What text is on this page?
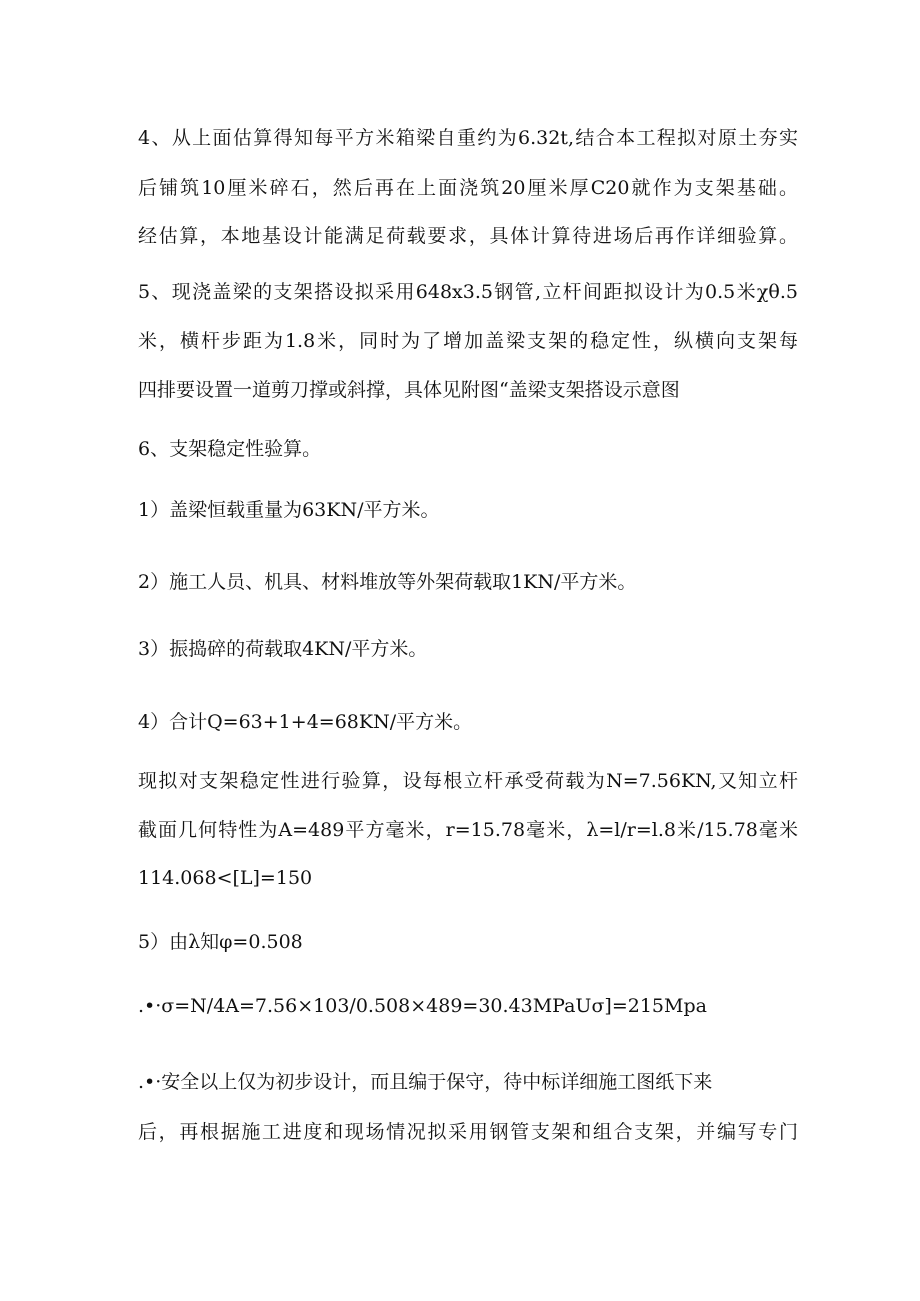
4、从上面估算得知每平方米箱梁自重约为6.32t,结合本工程拟对原土夯实
后铺筑10厘米碎石，然后再在上面浇筑20厘米厚C20就作为支架基础。
经估算，本地基设计能满足荷载要求，具体计算待进场后再作详细验算。
5、现浇盖梁的支架搭设拟采用648x3.5钢管,立杆间距拟设计为0.5米χθ.5
米，横杆步距为1.8米，同时为了增加盖梁支架的稳定性，纵横向支架每
四排要设置一道剪刀撑或斜撑，具体见附图“盖梁支架搭设示意图
6、支架稳定性验算。
1）盖梁恒载重量为63KN/平方米。
2）施工人员、机具、材料堆放等外架荷载取1KN/平方米。
3）振捣碎的荷载取4KN/平方米。
4）合计Q=63+1+4=68KN/平方米。
现拟对支架稳定性进行验算，设每根立杆承受荷载为N=7.56KN,又知立杆
截面几何特性为A=489平方毫米，r=15.78毫米，λ=l∕r=l.8米/15.78毫米
114.068<[L]=150
5）由λ知φ=0.508
.•·σ=N∕4A=7.56×103∕0.508×489=30.43MPaUσ]=215Mpa
.•·安全以上仅为初步设计，而且编于保守，待中标详细施工图纸下来
后，再根据施工进度和现场情况拟采用钢管支架和组合支架，并编写专门
